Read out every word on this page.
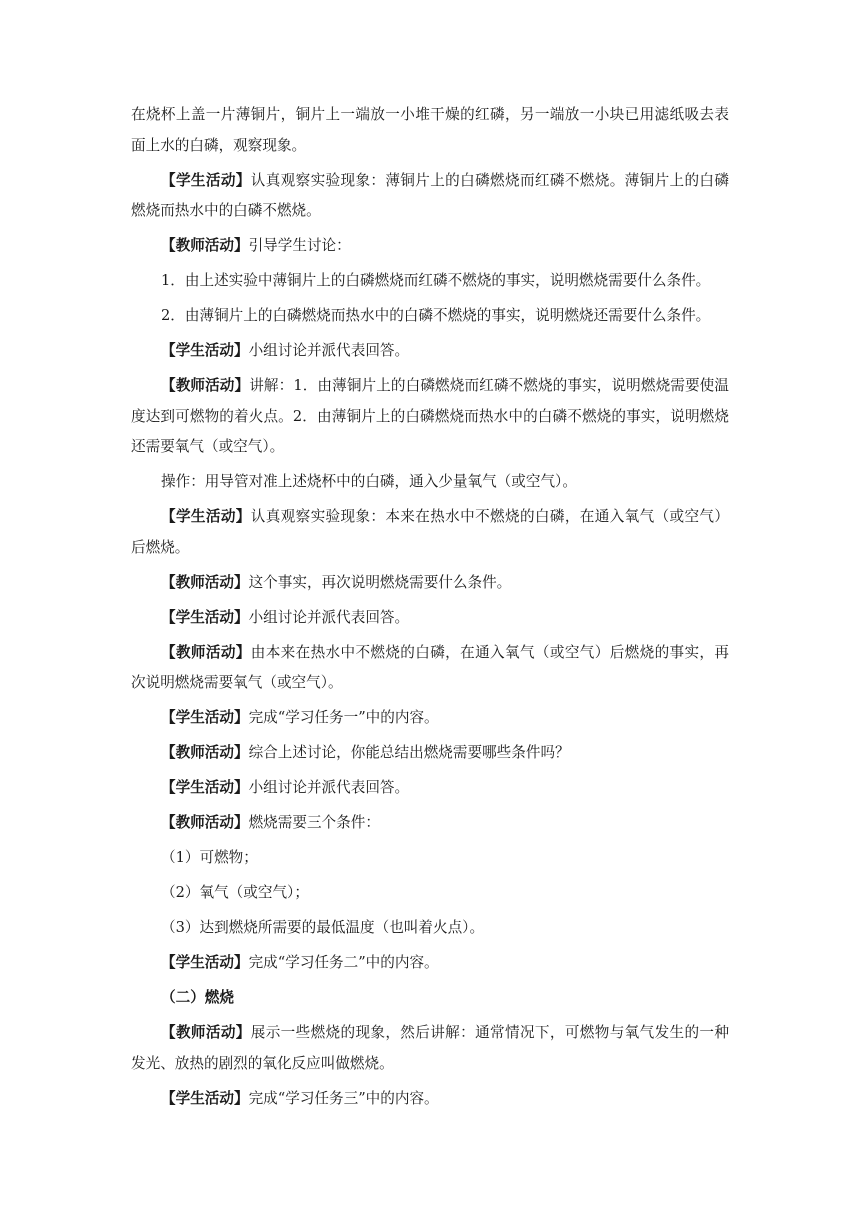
在烧杯上盖一片薄铜片，铜片上一端放一小堆干燥的红磷，另一端放一小块已用滤纸吸去表面上水的白磷，观察现象。

【学生活动】认真观察实验现象：薄铜片上的白磷燃烧而红磷不燃烧。薄铜片上的白磷燃烧而热水中的白磷不燃烧。

【教师活动】引导学生讨论：

1．由上述实验中薄铜片上的白磷燃烧而红磷不燃烧的事实，说明燃烧需要什么条件。

2．由薄铜片上的白磷燃烧而热水中的白磷不燃烧的事实，说明燃烧还需要什么条件。

【学生活动】小组讨论并派代表回答。

【教师活动】讲解：1．由薄铜片上的白磷燃烧而红磷不燃烧的事实，说明燃烧需要使温度达到可燃物的着火点。2．由薄铜片上的白磷燃烧而热水中的白磷不燃烧的事实，说明燃烧还需要氧气（或空气）。

操作：用导管对准上述烧杯中的白磷，通入少量氧气（或空气）。

【学生活动】认真观察实验现象：本来在热水中不燃烧的白磷，在通入氧气（或空气）后燃烧。

【教师活动】这个事实，再次说明燃烧需要什么条件。

【学生活动】小组讨论并派代表回答。

【教师活动】由本来在热水中不燃烧的白磷，在通入氧气（或空气）后燃烧的事实，再次说明燃烧需要氧气（或空气）。

【学生活动】完成“学习任务一”中的内容。

【教师活动】综合上述讨论，你能总结出燃烧需要哪些条件吗？

【学生活动】小组讨论并派代表回答。

【教师活动】燃烧需要三个条件：

（1）可燃物；

（2）氧气（或空气）；

（3）达到燃烧所需要的最低温度（也叫着火点）。

【学生活动】完成“学习任务二”中的内容。

（二）燃烧

【教师活动】展示一些燃烧的现象，然后讲解：通常情况下，可燃物与氧气发生的一种发光、放热的剧烈的氧化反应叫做燃烧。

【学生活动】完成“学习任务三”中的内容。
